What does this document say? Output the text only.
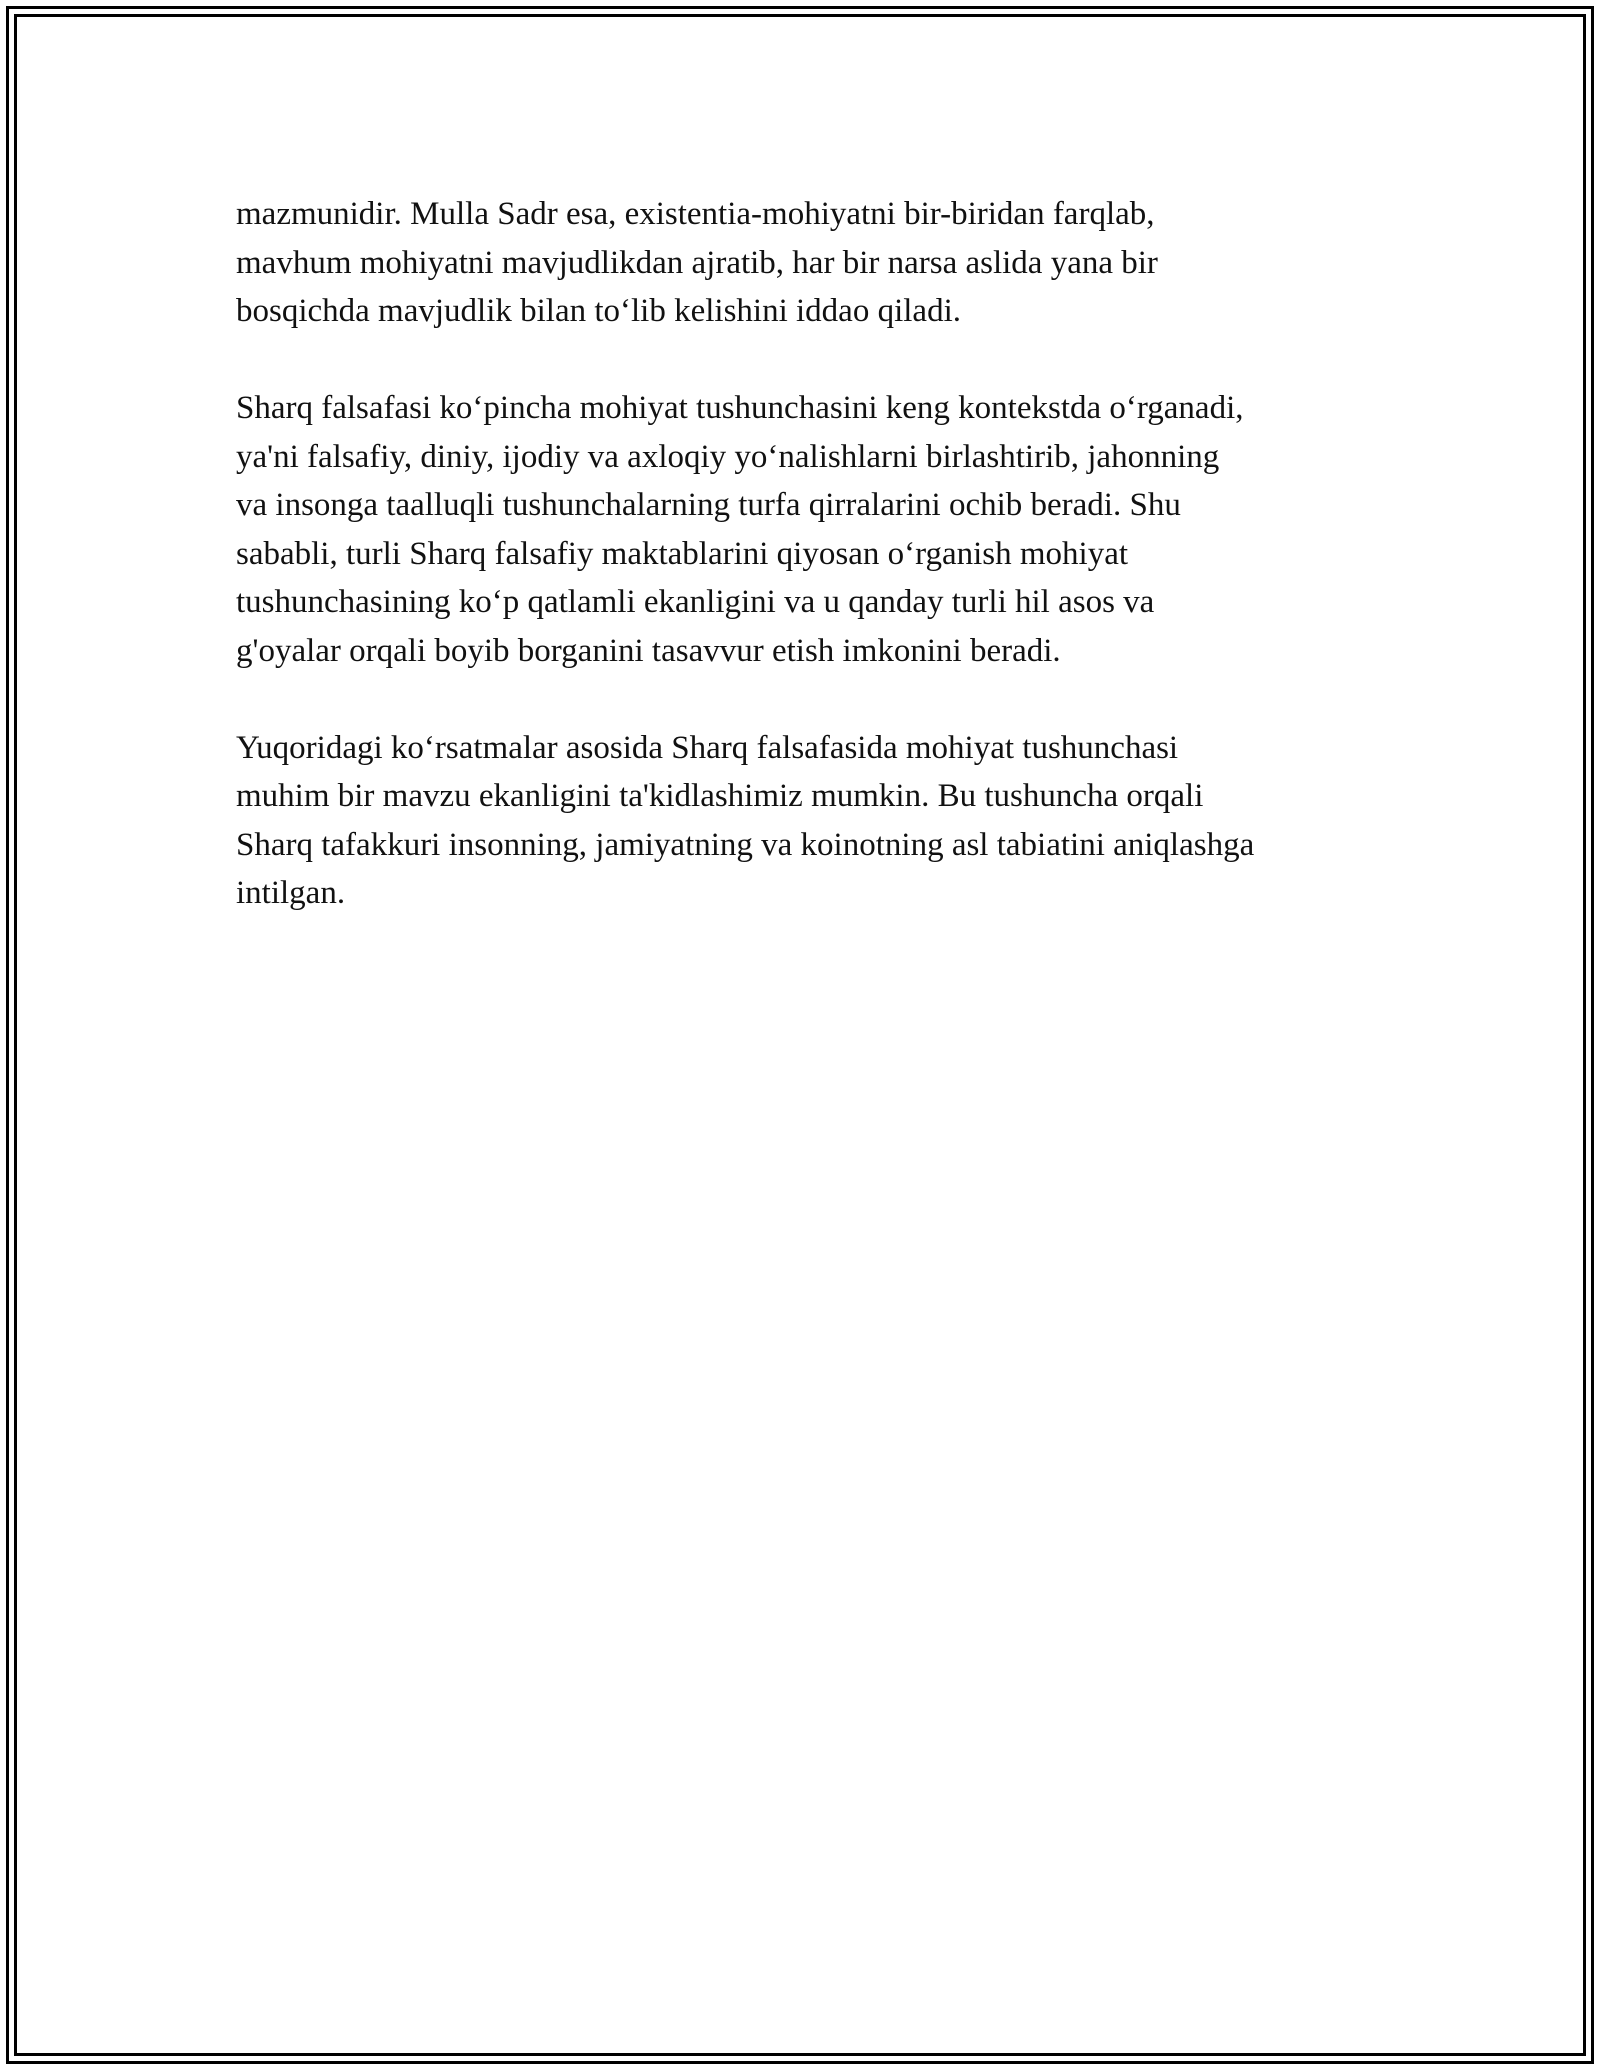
mazmunidir. Mulla Sadr esa, existentia-mohiyatni bir-biridan farqlab,
mavhum mohiyatni mavjudlikdan ajratib, har bir narsa aslida yana bir
bosqichda mavjudlik bilan to‘lib kelishini iddao qiladi.

Sharq falsafasi ko‘pincha mohiyat tushunchasini keng kontekstda o‘rganadi,
ya'ni falsafiy, diniy, ijodiy va axloqiy yo‘nalishlarni birlashtirib, jahonning
va insonga taalluqli tushunchalarning turfa qirralarini ochib beradi. Shu
sababli, turli Sharq falsafiy maktablarini qiyosan o‘rganish mohiyat
tushunchasining ko‘p qatlamli ekanligini va u qanday turli hil asos va
g'oyalar orqali boyib borganini tasavvur etish imkonini beradi.

Yuqoridagi ko‘rsatmalar asosida Sharq falsafasida mohiyat tushunchasi
muhim bir mavzu ekanligini ta'kidlashimiz mumkin. Bu tushuncha orqali
Sharq tafakkuri insonning, jamiyatning va koinotning asl tabiatini aniqlashga
intilgan.
